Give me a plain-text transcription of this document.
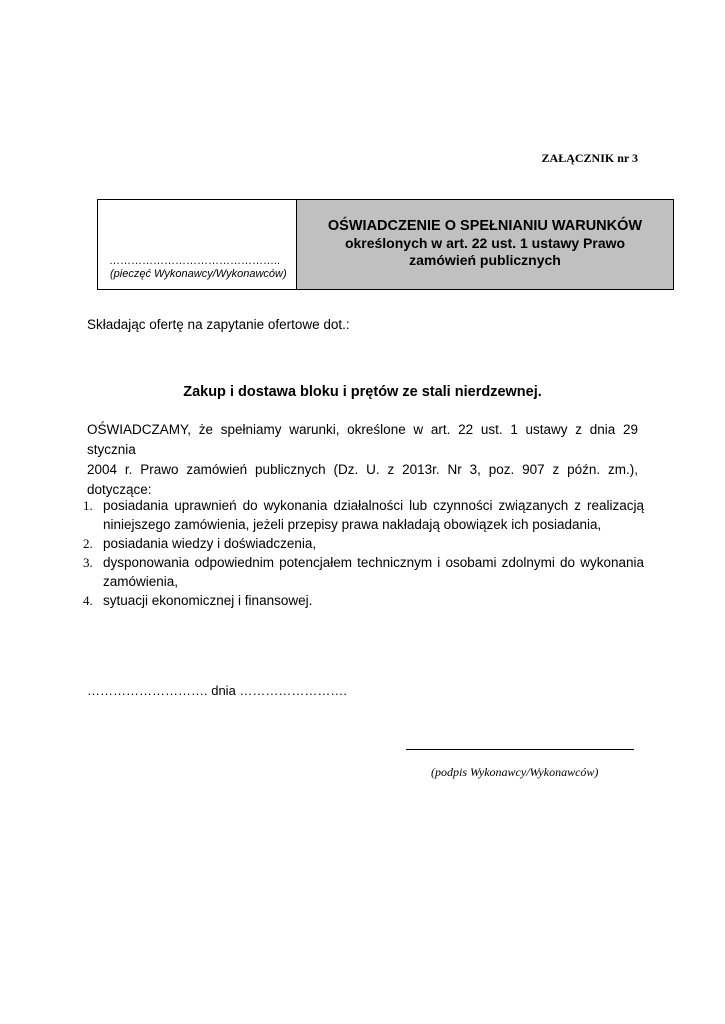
ZAŁĄCZNIK nr 3
………………………………………..
(pieczęć Wykonawcy/Wykonawców)
OŚWIADCZENIE O SPEŁNIANIU WARUNKÓW
określonych w art. 22 ust. 1 ustawy Prawo
zamówień publicznych
Składając ofertę na zapytanie ofertowe dot.:
Zakup i dostawa bloku i prętów ze stali nierdzewnej.
OŚWIADCZAMY, że spełniamy warunki, określone w art. 22 ust. 1 ustawy z dnia 29 stycznia
2004 r. Prawo zamówień publicznych (Dz. U. z 2013r. Nr 3, poz. 907 z późn. zm.),
dotyczące:
1. posiadania uprawnień do wykonania działalności lub czynności związanych z realizacją
niniejszego zamówienia, jeżeli przepisy prawa nakładają obowiązek ich posiadania,
2. posiadania wiedzy i doświadczenia,
3. dysponowania odpowiednim potencjałem technicznym i osobami zdolnymi do wykonania
zamówienia,
4. sytuacji ekonomicznej i finansowej.
………………………. dnia …………………….
(podpis Wykonawcy/Wykonawców)
